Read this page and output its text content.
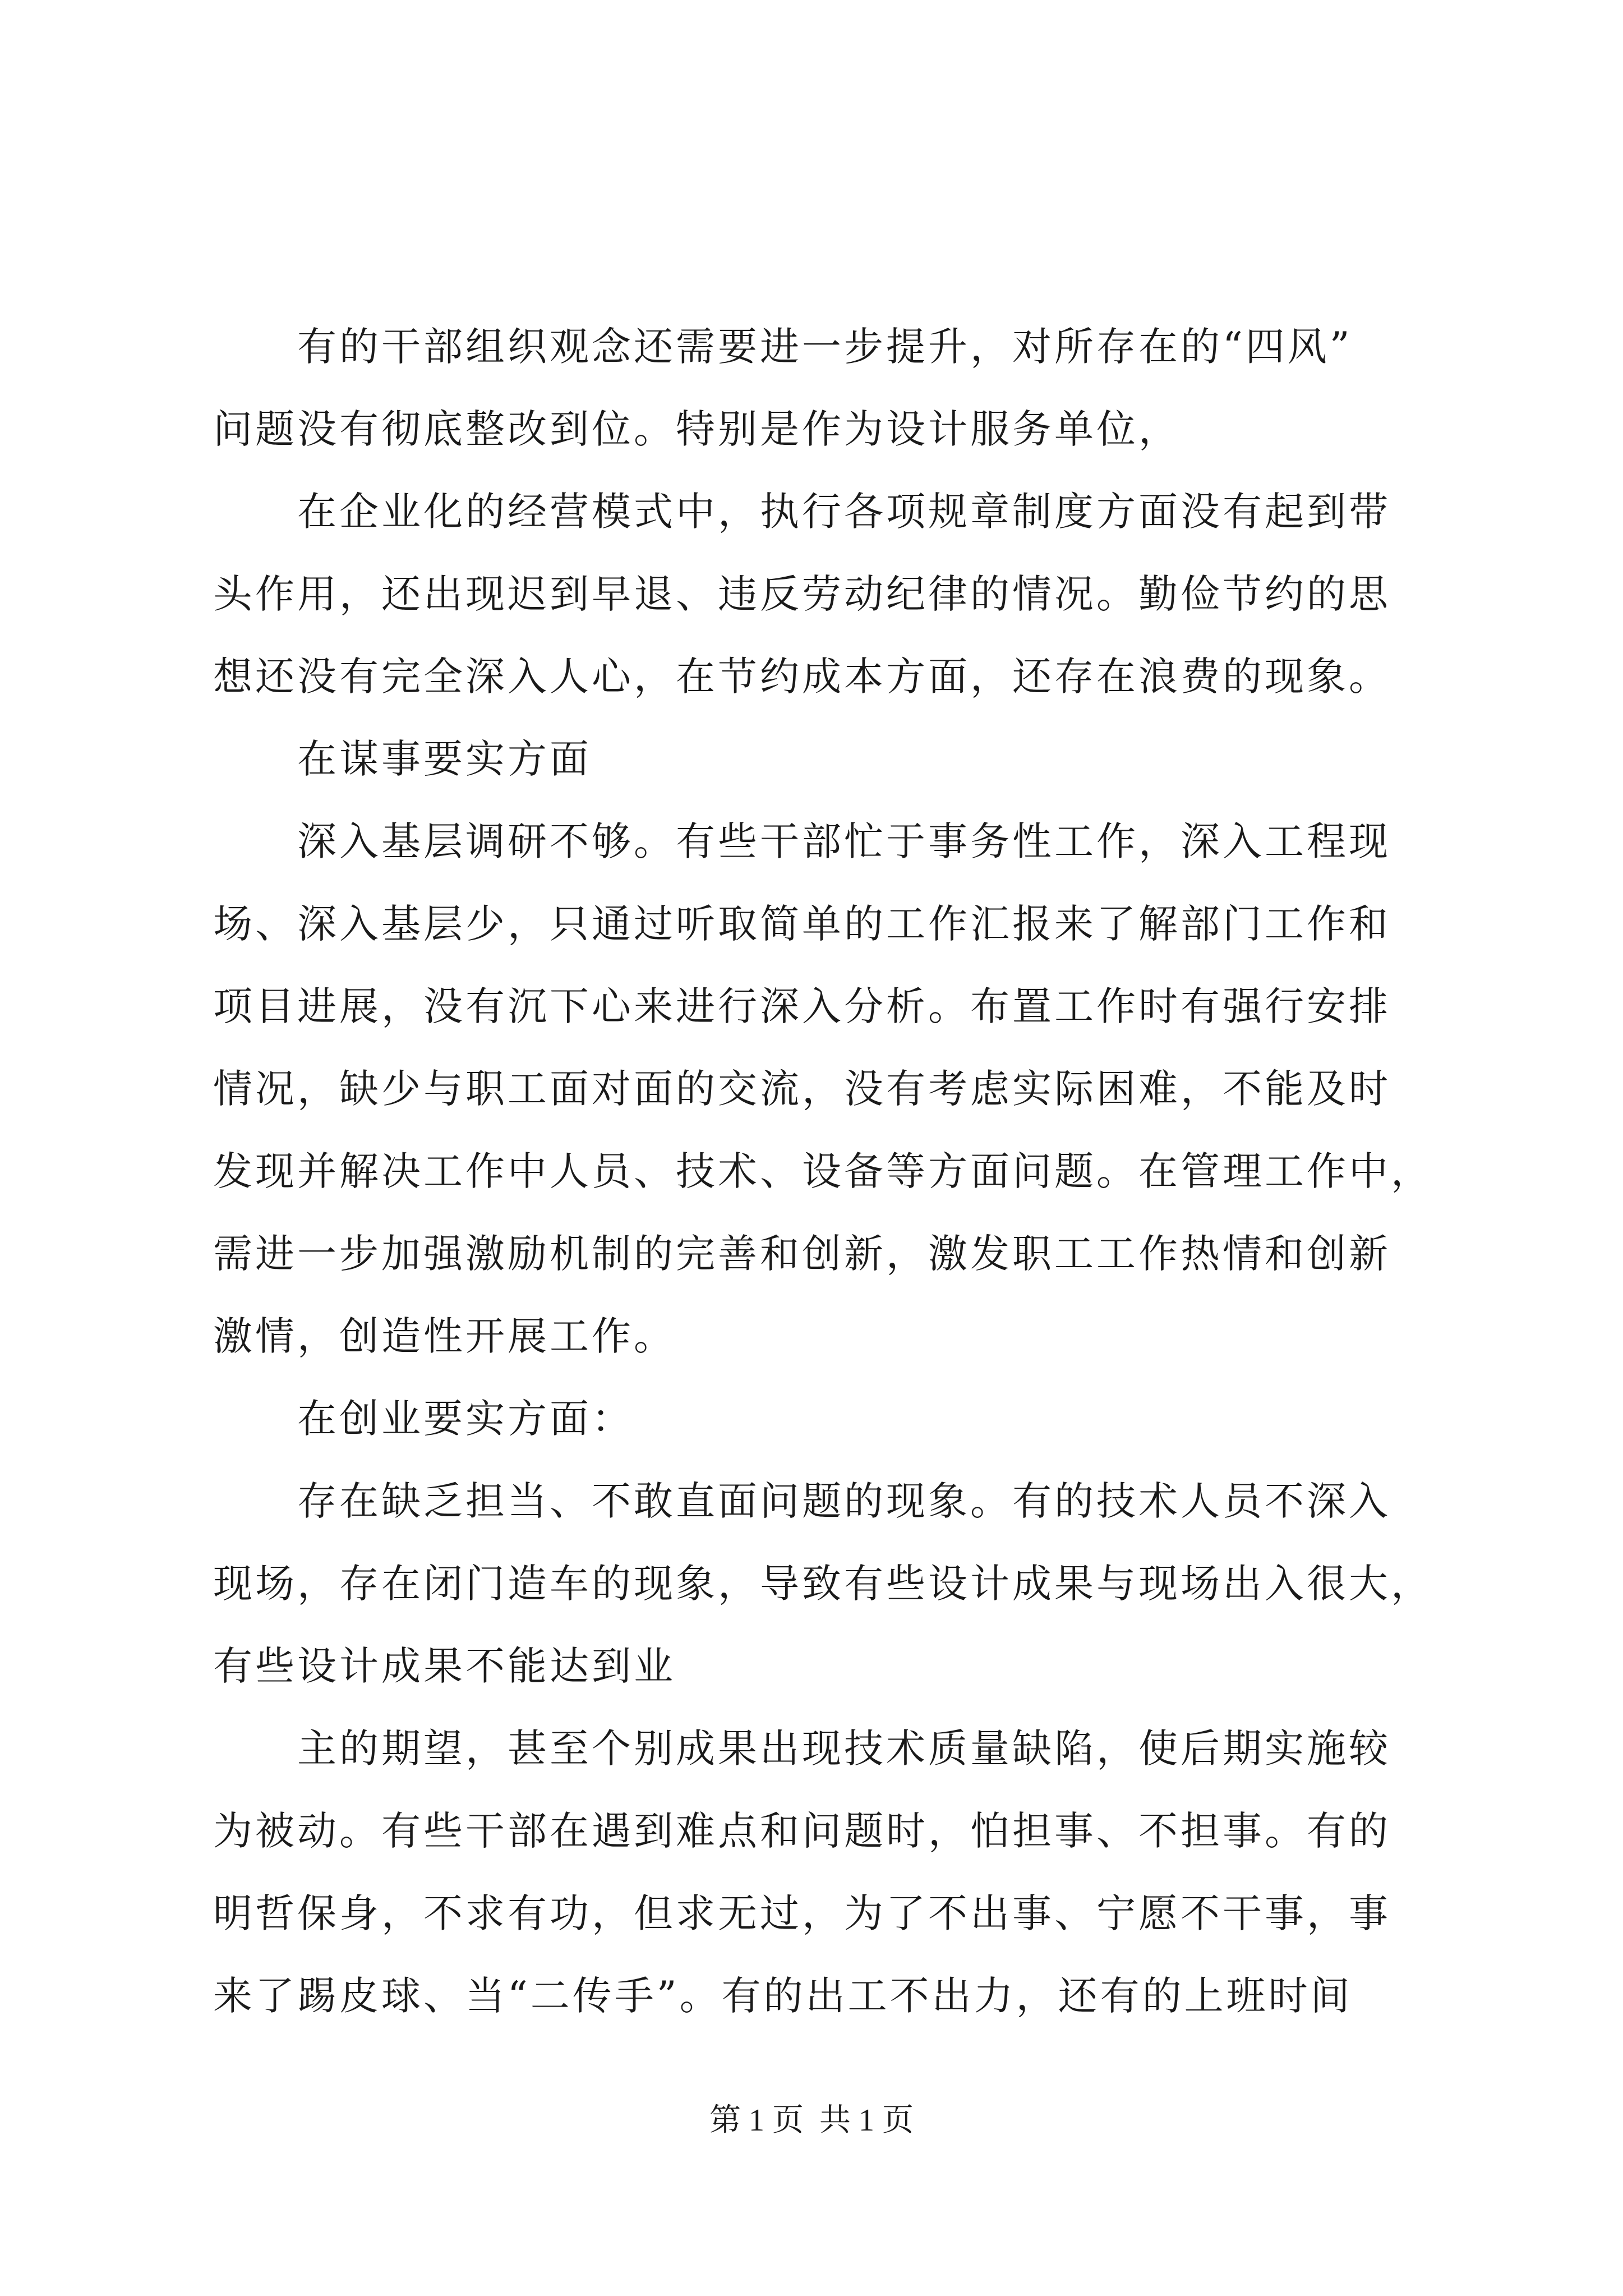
有的干部组织观念还需要进一步提升，对所存在的“四风”
问题没有彻底整改到位。特别是作为设计服务单位，
在企业化的经营模式中，执行各项规章制度方面没有起到带
头作用，还出现迟到早退、违反劳动纪律的情况。勤俭节约的思
想还没有完全深入人心，在节约成本方面，还存在浪费的现象。
在谋事要实方面
深入基层调研不够。有些干部忙于事务性工作，深入工程现
场、深入基层少，只通过听取简单的工作汇报来了解部门工作和
项目进展，没有沉下心来进行深入分析。布置工作时有强行安排
情况，缺少与职工面对面的交流，没有考虑实际困难，不能及时
发现并解决工作中人员、技术、设备等方面问题。在管理工作中，
需进一步加强激励机制的完善和创新，激发职工工作热情和创新
激情，创造性开展工作。
在创业要实方面：
存在缺乏担当、不敢直面问题的现象。有的技术人员不深入
现场，存在闭门造车的现象，导致有些设计成果与现场出入很大，
有些设计成果不能达到业
主的期望，甚至个别成果出现技术质量缺陷，使后期实施较
为被动。有些干部在遇到难点和问题时，怕担事、不担事。有的
明哲保身，不求有功，但求无过，为了不出事、宁愿不干事，事
来了踢皮球、当“二传手”。有的出工不出力，还有的上班时间
第 1 页  共 1 页
